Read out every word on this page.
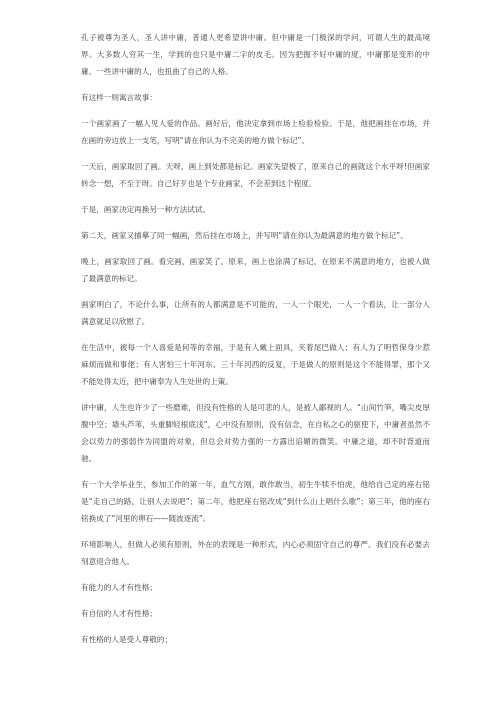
孔子被尊为圣人，圣人讲中庸，普通人更希望讲中庸。但中庸是一门极深的学问，可谓人生的最高境界。大多数人穷其一生，学到的也只是中庸二字的皮毛。因为把握不好中庸的度，中庸都是变形的中庸。一些讲中庸的人，也扭曲了自己的人格。

有这样一则寓言故事：

一个画家画了一幅人见人爱的作品。画好后，他决定拿到市场上检验检验。于是，他把画挂在市场，并在画的旁边放上一支笔，写明“请在你认为不完美的地方做个标记”。

一天后，画家取回了画。天呀，画上到处都是标记。画家失望极了，原来自己的画就这个水平呀!但画家转念一想，不至于呀。自己好歹也是个专业画家，不会差到这个程度。

于是，画家决定再换另一种方法试试。

第二天，画家又描摹了同一幅画，然后挂在市场上，并写明“请在你认为最满意的地方做个标记”。

晚上，画家取回了画。看完画，画家笑了。原来，画上也涂满了标记，在原来不满意的地方，也被人做了最满意的标记。

画家明白了，不论什么事，让所有的人都满意是不可能的，一人一个眼光，一人一个看法，让一部分人满意就足以欣慰了。

在生活中，被每一个人喜爱是何等的幸福，于是有人戴上面具，夹着尾巴做人；有人为了明哲保身少惹麻烦而做和事佬；有人害怕三十年河东、三十年河西的反复，于是做人的原则是这个不能得罪，那个又不能处得太近，把中庸奉为人生处世的上策。

讲中庸，人生也许少了一些磨难，但没有性格的人是可悲的人，是被人鄙视的人。“山间竹笋，嘴尖皮厚腹中空；墙头芦苇，头重脚轻根底浅”，心中没有原则，没有信念，在自私之心的驱使下，中庸者虽然不会以势力的强弱作为同盟的对象，但总会对势力强的一方露出谄媚的微笑。中庸之道，却不时背道而驰。

有一个大学毕业生，参加工作的第一年，血气方刚，敢作敢当，初生牛犊不怕虎，他给自己定的座右铭是“走自己的路，让别人去说吧”；第二年，他把座右铭改成“到什么山上唱什么歌”；第三年，他的座右铭换成了“河里的卵石——随波逐流”。

环境影响人，但做人必须有原则，外在的表现是一种形式，内心必须固守自己的尊严。我们没有必要去刻意迎合他人。

有能力的人才有性格；

有自信的人才有性格；

有性格的人是受人尊敬的；
